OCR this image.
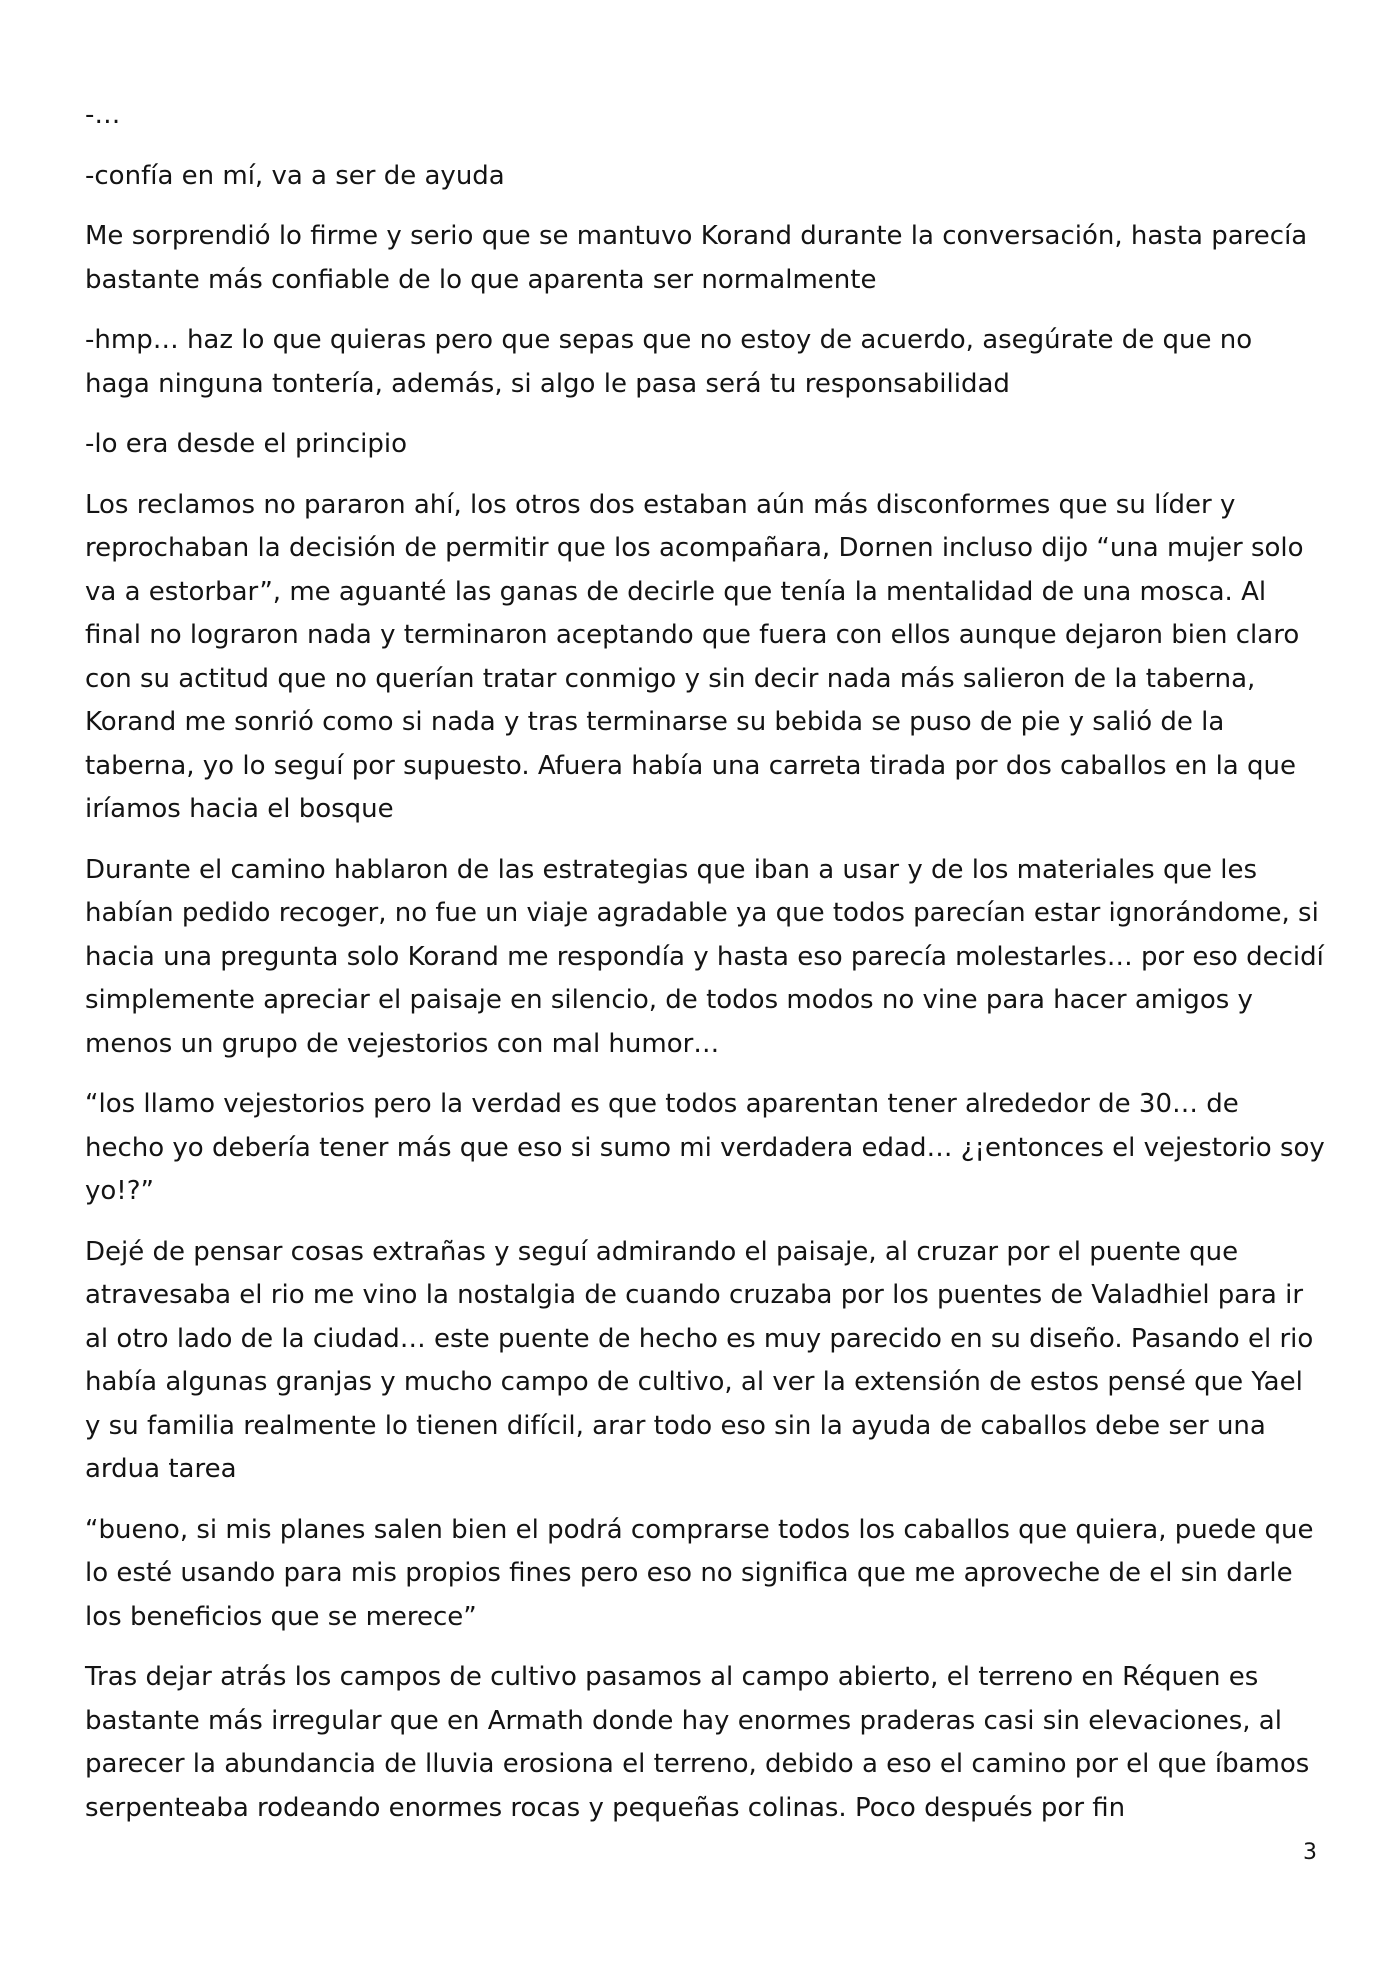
-…

-confía en mí, va a ser de ayuda

Me sorprendió lo firme y serio que se mantuvo Korand durante la conversación, hasta parecía bastante más confiable de lo que aparenta ser normalmente

-hmp… haz lo que quieras pero que sepas que no estoy de acuerdo, asegúrate de que no haga ninguna tontería, además, si algo le pasa será tu responsabilidad

-lo era desde el principio

Los reclamos no pararon ahí, los otros dos estaban aún más disconformes que su líder y reprochaban la decisión de permitir que los acompañara, Dornen incluso dijo “una mujer solo va a estorbar”, me aguanté las ganas de decirle que tenía la mentalidad de una mosca. Al final no lograron nada y terminaron aceptando que fuera con ellos aunque dejaron bien claro con su actitud que no querían tratar conmigo y sin decir nada más salieron de la taberna, Korand me sonrió como si nada y tras terminarse su bebida se puso de pie y salió de la taberna, yo lo seguí por supuesto. Afuera había una carreta tirada por dos caballos en la que iríamos hacia el bosque

Durante el camino hablaron de las estrategias que iban a usar y de los materiales que les habían pedido recoger, no fue un viaje agradable ya que todos parecían estar ignorándome, si hacia una pregunta solo Korand me respondía y hasta eso parecía molestarles… por eso decidí simplemente apreciar el paisaje en silencio, de todos modos no vine para hacer amigos y menos un grupo de vejestorios con mal humor…

“los llamo vejestorios pero la verdad es que todos aparentan tener alrededor de 30… de hecho yo debería tener más que eso si sumo mi verdadera edad… ¿¡entonces el vejestorio soy yo!?”

Dejé de pensar cosas extrañas y seguí admirando el paisaje, al cruzar por el puente que atravesaba el rio me vino la nostalgia de cuando cruzaba por los puentes de Valadhiel para ir al otro lado de la ciudad… este puente de hecho es muy parecido en su diseño. Pasando el rio había algunas granjas y mucho campo de cultivo, al ver la extensión de estos pensé que Yael y su familia realmente lo tienen difícil, arar todo eso sin la ayuda de caballos debe ser una ardua tarea

“bueno, si mis planes salen bien el podrá comprarse todos los caballos que quiera, puede que lo esté usando para mis propios fines pero eso no significa que me aproveche de el sin darle los beneficios que se merece”

Tras dejar atrás los campos de cultivo pasamos al campo abierto, el terreno en Réquen es bastante más irregular que en Armath donde hay enormes praderas casi sin elevaciones, al parecer la abundancia de lluvia erosiona el terreno, debido a eso el camino por el que íbamos serpenteaba rodeando enormes rocas y pequeñas colinas. Poco después por fin

3
